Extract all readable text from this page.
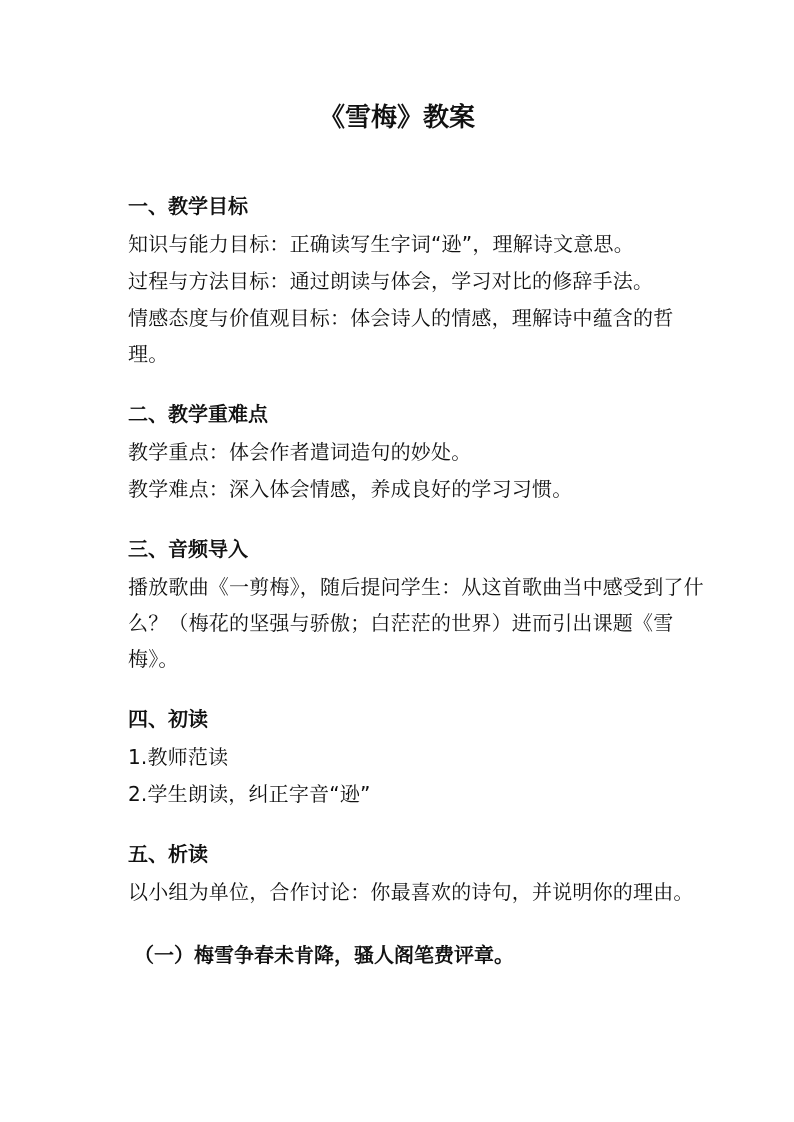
《雪梅》教案
一、教学目标
知识与能力目标：正确读写生字词“逊”，理解诗文意思。
过程与方法目标：通过朗读与体会，学习对比的修辞手法。
情感态度与价值观目标：体会诗人的情感，理解诗中蕴含的哲理。
二、教学重难点
教学重点：体会作者遣词造句的妙处。
教学难点：深入体会情感，养成良好的学习习惯。
三、音频导入
播放歌曲《一剪梅》，随后提问学生：从这首歌曲当中感受到了什么？（梅花的坚强与骄傲；白茫茫的世界）进而引出课题《雪梅》。
四、初读
1.教师范读
2.学生朗读，纠正字音“逊”
五、析读
以小组为单位，合作讨论：你最喜欢的诗句，并说明你的理由。
（一）梅雪争春未肯降，骚人阁笔费评章。
